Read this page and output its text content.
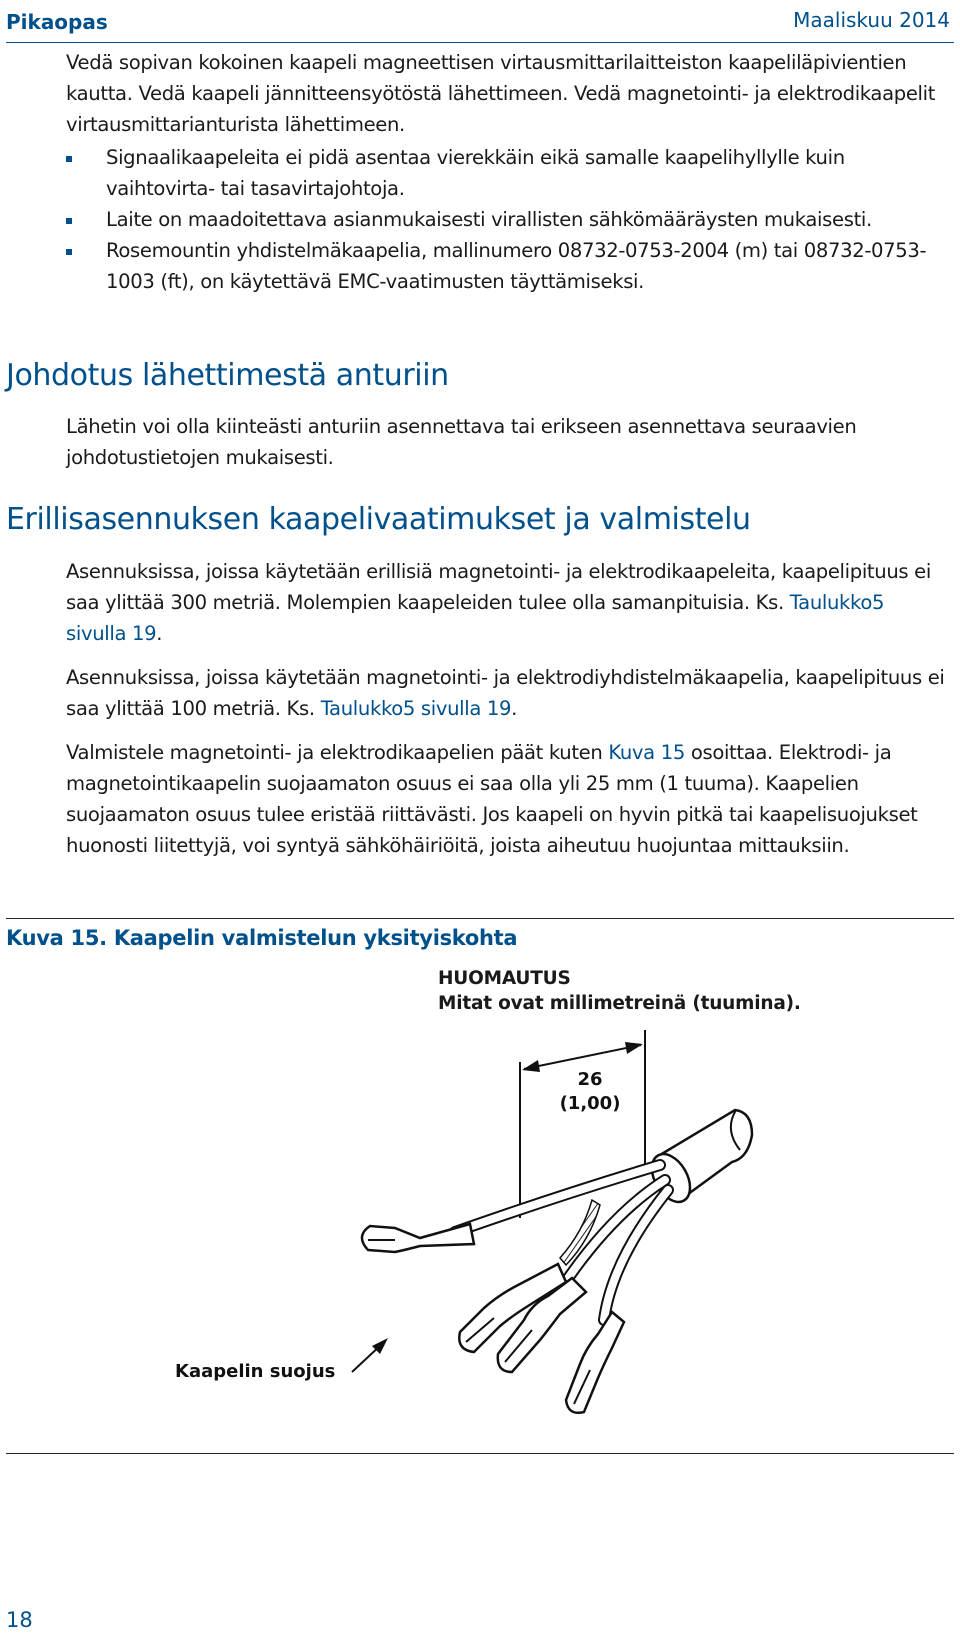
Pikaopas	Maaliskuu 2014

Vedä sopivan kokoinen kaapeli magneettisen virtausmittarilaitteiston kaapeliläpivientien kautta. Vedä kaapeli jännitteensyötöstä lähettimeen. Vedä magnetointi- ja elektrodikaapelit virtausmittarianturista lähettimeen.

Signaalikaapeleita ei pidä asentaa vierekkäin eikä samalle kaapelihyllylle kuin vaihtovirta- tai tasavirtajohtoja.
Laite on maadoitettava asianmukaisesti virallisten sähkömääräysten mukaisesti.
Rosemountin yhdistelmäkaapelia, mallinumero 08732-0753-2004 (m) tai 08732-0753-1003 (ft), on käytettävä EMC-vaatimusten täyttämiseksi.
Johdotus lähettimestä anturiin

Lähetin voi olla kiinteästi anturiin asennettava tai erikseen asennettava seuraavien johdotustietojen mukaisesti.

Erillisasennuksen kaapelivaatimukset ja valmistelu

Asennuksissa, joissa käytetään erillisiä magnetointi- ja elektrodikaapeleita, kaapelipituus ei saa ylittää 300 metriä. Molempien kaapeleiden tulee olla samanpituisia. Ks. Taulukko5 sivulla 19.

Asennuksissa, joissa käytetään magnetointi- ja elektrodiyhdistelmäkaapelia, kaapelipituus ei saa ylittää 100 metriä. Ks. Taulukko5 sivulla 19.

Valmistele magnetointi- ja elektrodikaapelien päät kuten Kuva 15 osoittaa. Elektrodi- ja magnetointikaapelin suojaamaton osuus ei saa olla yli 25 mm (1 tuuma). Kaapelien suojaamaton osuus tulee eristää riittävästi. Jos kaapeli on hyvin pitkä tai kaapelisuojukset huonosti liitettyjä, voi syntyä sähköhäiriöitä, joista aiheutuu huojuntaa mittauksiin.

Kuva 15. Kaapelin valmistelun yksityiskohta
HUOMAUTUS
Mitat ovat millimetreinä (tuumina).
26
(1,00)
Kaapelin suojus
18
